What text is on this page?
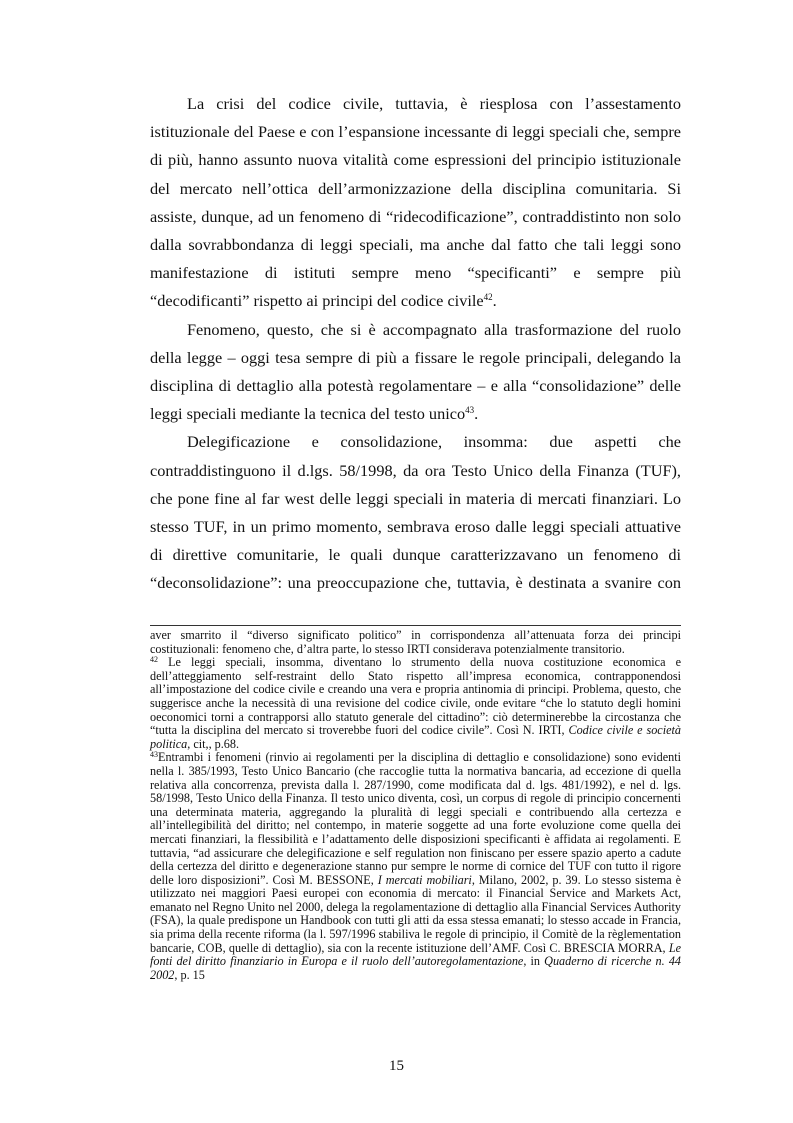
La crisi del codice civile, tuttavia, è riesplosa con l’assestamento istituzionale del Paese e con l’espansione incessante di leggi speciali che, sempre di più, hanno assunto nuova vitalità come espressioni del principio istituzionale del mercato nell’ottica dell’armonizzazione della disciplina comunitaria. Si assiste, dunque, ad un fenomeno di “ridecodificazione”, contraddistinto non solo dalla sovrabbondanza di leggi speciali, ma anche dal fatto che tali leggi sono manifestazione di istituti sempre meno “specificanti” e sempre più “decodificanti” rispetto ai principi del codice civile$^{42}$.

Fenomeno, questo, che si è accompagnato alla trasformazione del ruolo della legge – oggi tesa sempre di più a fissare le regole principali, delegando la disciplina di dettaglio alla potestà regolamentare – e alla “consolidazione” delle leggi speciali mediante la tecnica del testo unico$^{43}$.

Delegificazione e consolidazione, insomma: due aspetti che contraddistinguono il d.lgs. 58/1998, da ora Testo Unico della Finanza (TUF), che pone fine al far west delle leggi speciali in materia di mercati finanziari. Lo stesso TUF, in un primo momento, sembrava eroso dalle leggi speciali attuative di direttive comunitarie, le quali dunque caratterizzavano un fenomeno di “deconsolidazione”: una preoccupazione che, tuttavia, è destinata a svanire con

aver smarrito il “diverso significato politico” in corrispondenza all’attenuata forza dei principi costituzionali: fenomeno che, d’altra parte, lo stesso IRTI considerava potenzialmente transitorio.

$^{42}$ Le leggi speciali, insomma, diventano lo strumento della nuova costituzione economica e dell’atteggiamento self-restraint dello Stato rispetto all’impresa economica, contrapponendosi all’impostazione del codice civile e creando una vera e propria antinomia di principi. Problema, questo, che suggerisce anche la necessità di una revisione del codice civile, onde evitare “che lo statuto degli homini oeconomici torni a contrapporsi allo statuto generale del cittadino”: ciò determinerebbe la circostanza che “tutta la disciplina del mercato si troverebbe fuori del codice civile”. Così N. IRTI, Codice civile e società politica, cit,, p.68.

$^{43}$Entrambi i fenomeni (rinvio ai regolamenti per la disciplina di dettaglio e consolidazione) sono evidenti nella l. 385/1993, Testo Unico Bancario (che raccoglie tutta la normativa bancaria, ad eccezione di quella relativa alla concorrenza, prevista dalla l. 287/1990, come modificata dal d. lgs. 481/1992), e nel d. lgs. 58/1998, Testo Unico della Finanza. Il testo unico diventa, così, un corpus di regole di principio concernenti una determinata materia, aggregando la pluralità di leggi speciali e contribuendo alla certezza e all’intellegibilità del diritto; nel contempo, in materie soggette ad una forte evoluzione come quella dei mercati finanziari, la flessibilità e l’adattamento delle disposizioni specificanti è affidata ai regolamenti. E tuttavia, “ad assicurare che delegificazione e self regulation non finiscano per essere spazio aperto a cadute della certezza del diritto e degenerazione stanno pur sempre le norme di cornice del TUF con tutto il rigore delle loro disposizioni”. Così M. BESSONE, I mercati mobiliari, Milano, 2002, p. 39. Lo stesso sistema è utilizzato nei maggiori Paesi europei con economia di mercato: il Financial Service and Markets Act, emanato nel Regno Unito nel 2000, delega la regolamentazione di dettaglio alla Financial Services Authority (FSA), la quale predispone un Handbook con tutti gli atti da essa stessa emanati; lo stesso accade in Francia, sia prima della recente riforma (la l. 597/1996 stabiliva le regole di principio, il Comitè de la règlementation bancarie, COB, quelle di dettaglio), sia con la recente istituzione dell’AMF. Così C. BRESCIA MORRA, Le fonti del diritto finanziario in Europa e il ruolo dell’autoregolamentazione, in Quaderno di ricerche n. 44 2002, p. 15

15
